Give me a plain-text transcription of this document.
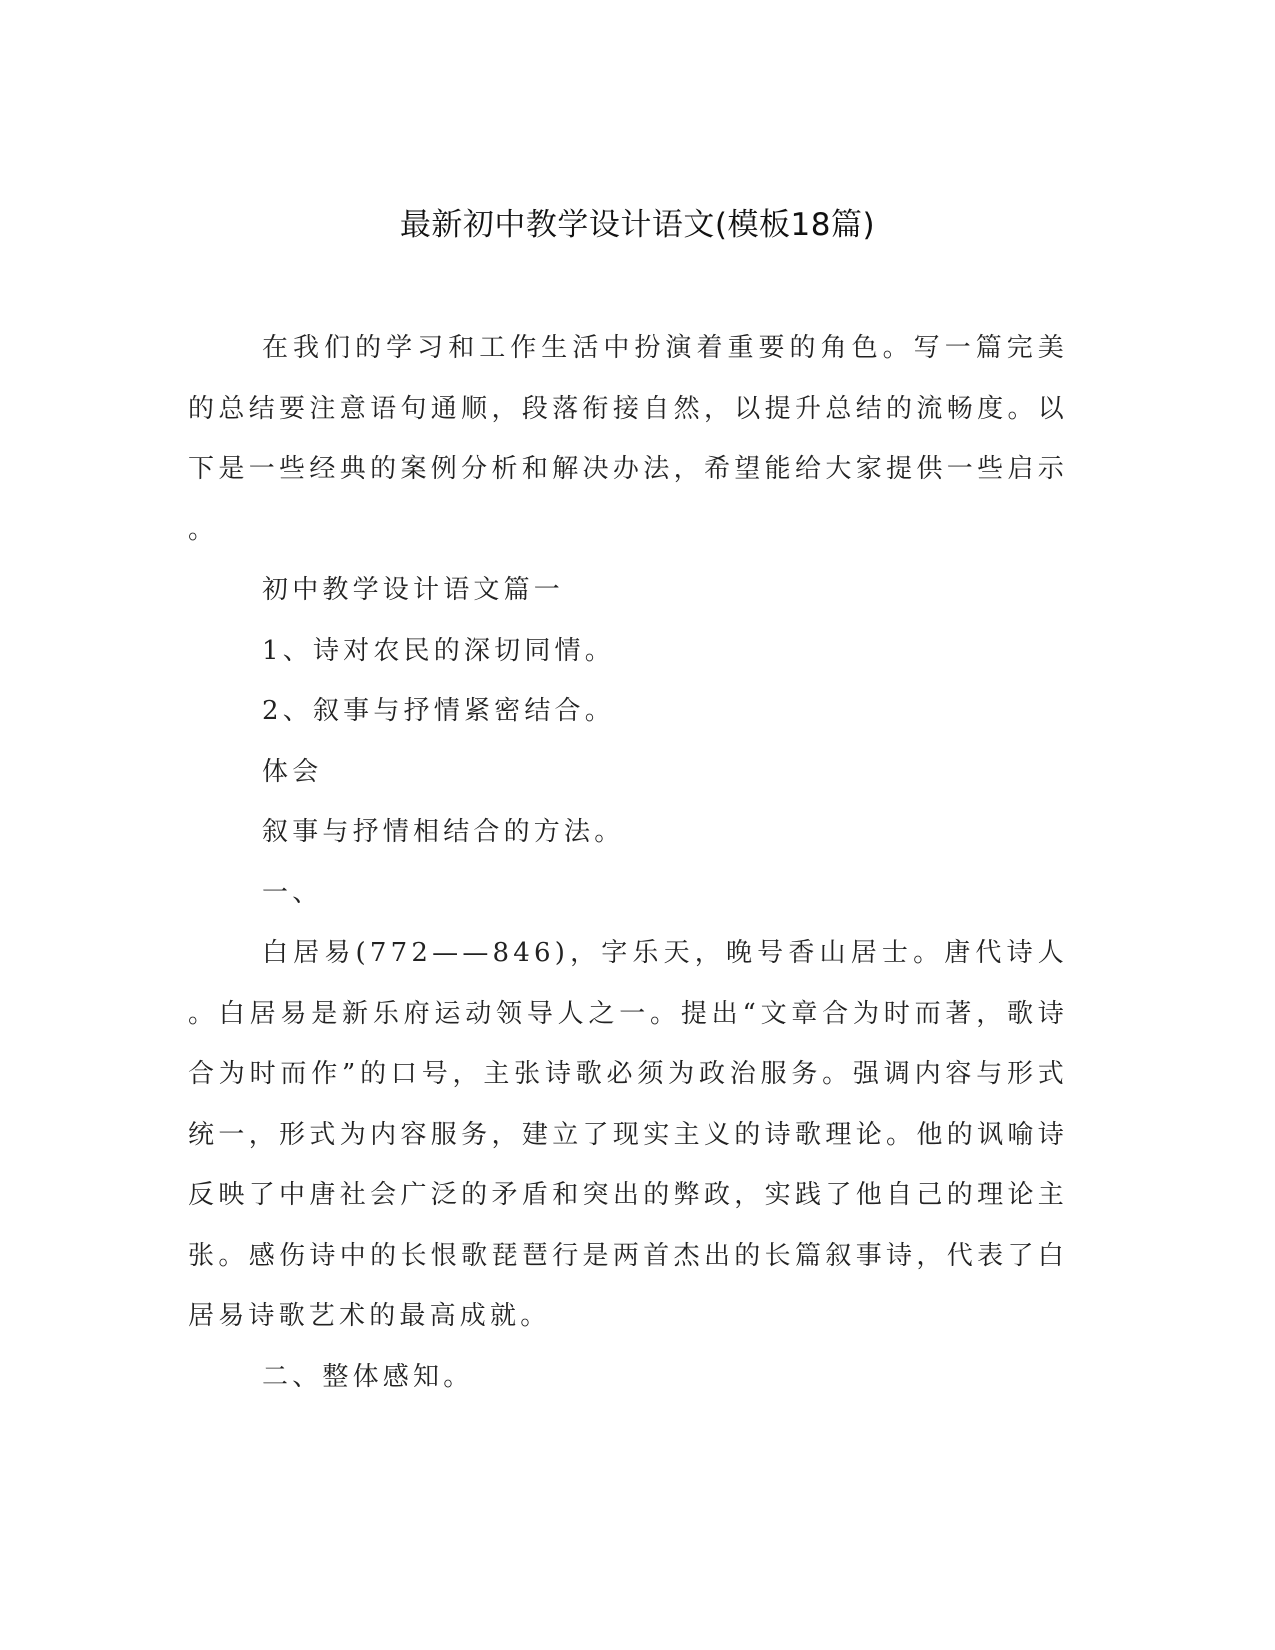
最新初中教学设计语文(模板18篇)

在我们的学习和工作生活中扮演着重要的角色。写一篇完美的总结要注意语句通顺，段落衔接自然，以提升总结的流畅度。以下是一些经典的案例分析和解决办法，希望能给大家提供一些启示。

初中教学设计语文篇一

1、诗对农民的深切同情。

2、叙事与抒情紧密结合。

体会

叙事与抒情相结合的方法。

一、

白居易(772——846)，字乐天，晚号香山居士。唐代诗人。白居易是新乐府运动领导人之一。提出“文章合为时而著，歌诗合为时而作”的口号，主张诗歌必须为政治服务。强调内容与形式统一，形式为内容服务，建立了现实主义的诗歌理论。他的讽喻诗反映了中唐社会广泛的矛盾和突出的弊政，实践了他自己的理论主张。感伤诗中的长恨歌琵琶行是两首杰出的长篇叙事诗，代表了白居易诗歌艺术的最高成就。

二、整体感知。
